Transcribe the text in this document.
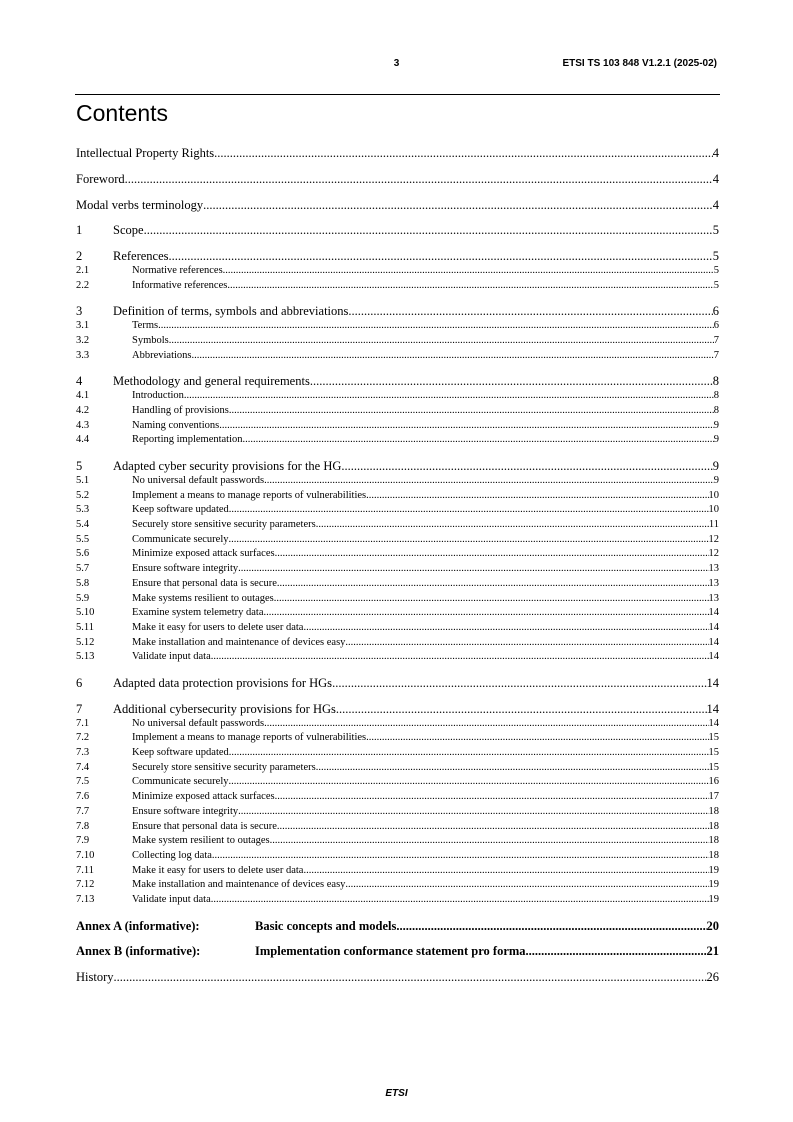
3	ETSI TS 103 848 V1.2.1 (2025-02)
Contents
Intellectual Property Rights .....	4
Foreword .....	4
Modal verbs terminology .....	4
1	Scope .....	5
2	References .....	5
2.1	Normative references .....	5
2.2	Informative references .....	5
3	Definition of terms, symbols and abbreviations .....	6
3.1	Terms .....	6
3.2	Symbols .....	7
3.3	Abbreviations .....	7
4	Methodology and general requirements .....	8
4.1	Introduction .....	8
4.2	Handling of provisions .....	8
4.3	Naming conventions .....	9
4.4	Reporting implementation .....	9
5	Adapted cyber security provisions for the HG .....	9
5.1	No universal default passwords .....	9
5.2	Implement a means to manage reports of vulnerabilities .....	10
5.3	Keep software updated .....	10
5.4	Securely store sensitive security parameters .....	11
5.5	Communicate securely .....	12
5.6	Minimize exposed attack surfaces .....	12
5.7	Ensure software integrity .....	13
5.8	Ensure that personal data is secure .....	13
5.9	Make systems resilient to outages .....	13
5.10	Examine system telemetry data .....	14
5.11	Make it easy for users to delete user data .....	14
5.12	Make installation and maintenance of devices easy .....	14
5.13	Validate input data .....	14
6	Adapted data protection provisions for HGs .....	14
7	Additional cybersecurity provisions for HGs .....	14
7.1	No universal default passwords .....	14
7.2	Implement a means to manage reports of vulnerabilities .....	15
7.3	Keep software updated .....	15
7.4	Securely store sensitive security parameters .....	15
7.5	Communicate securely .....	16
7.6	Minimize exposed attack surfaces .....	17
7.7	Ensure software integrity .....	18
7.8	Ensure that personal data is secure .....	18
7.9	Make system resilient to outages .....	18
7.10	Collecting log data .....	18
7.11	Make it easy for users to delete user data .....	19
7.12	Make installation and maintenance of devices easy .....	19
7.13	Validate input data .....	19
Annex A (informative):	Basic concepts and models .....	20
Annex B (informative):	Implementation conformance statement pro forma .....	21
History .....	26
ETSI
